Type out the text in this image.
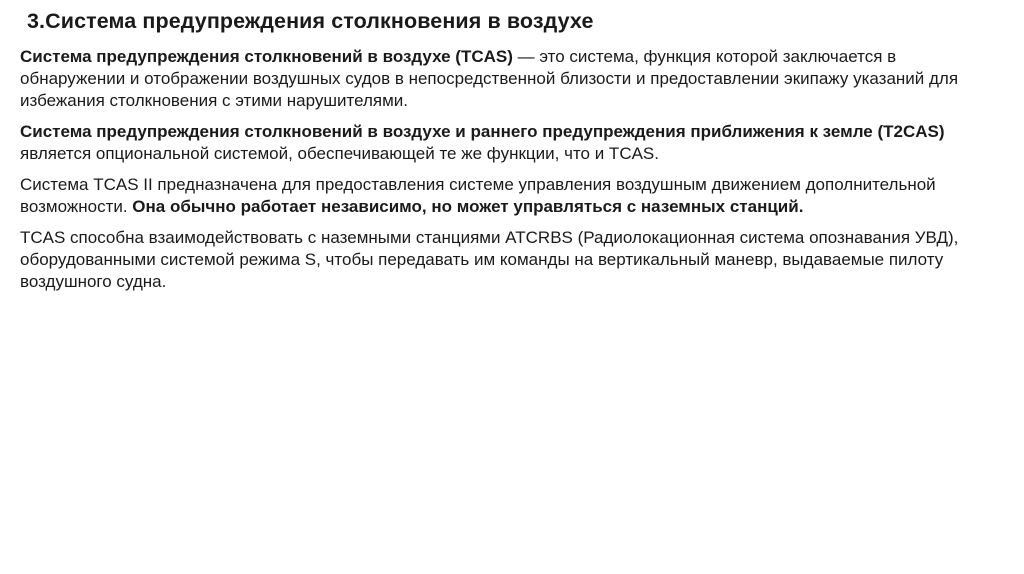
3.Система предупреждения столкновения в воздухе

Система предупреждения столкновений в воздухе (TCAS) — это система, функция которой заключается в обнаружении и отображении воздушных судов в непосредственной близости и предоставлении экипажу указаний для избежания столкновения с этими нарушителями.

Система предупреждения столкновений в воздухе и раннего предупреждения приближения к земле (T2CAS) является опциональной системой, обеспечивающей те же функции, что и TCAS.

Система TCAS II предназначена для предоставления системе управления воздушным движением дополнительной возможности. Она обычно работает независимо, но может управляться с наземных станций.

TCAS способна взаимодействовать с наземными станциями ATCRBS (Радиолокационная система опознавания УВД), оборудованными системой режима S, чтобы передавать им команды на вертикальный маневр, выдаваемые пилоту воздушного судна.
